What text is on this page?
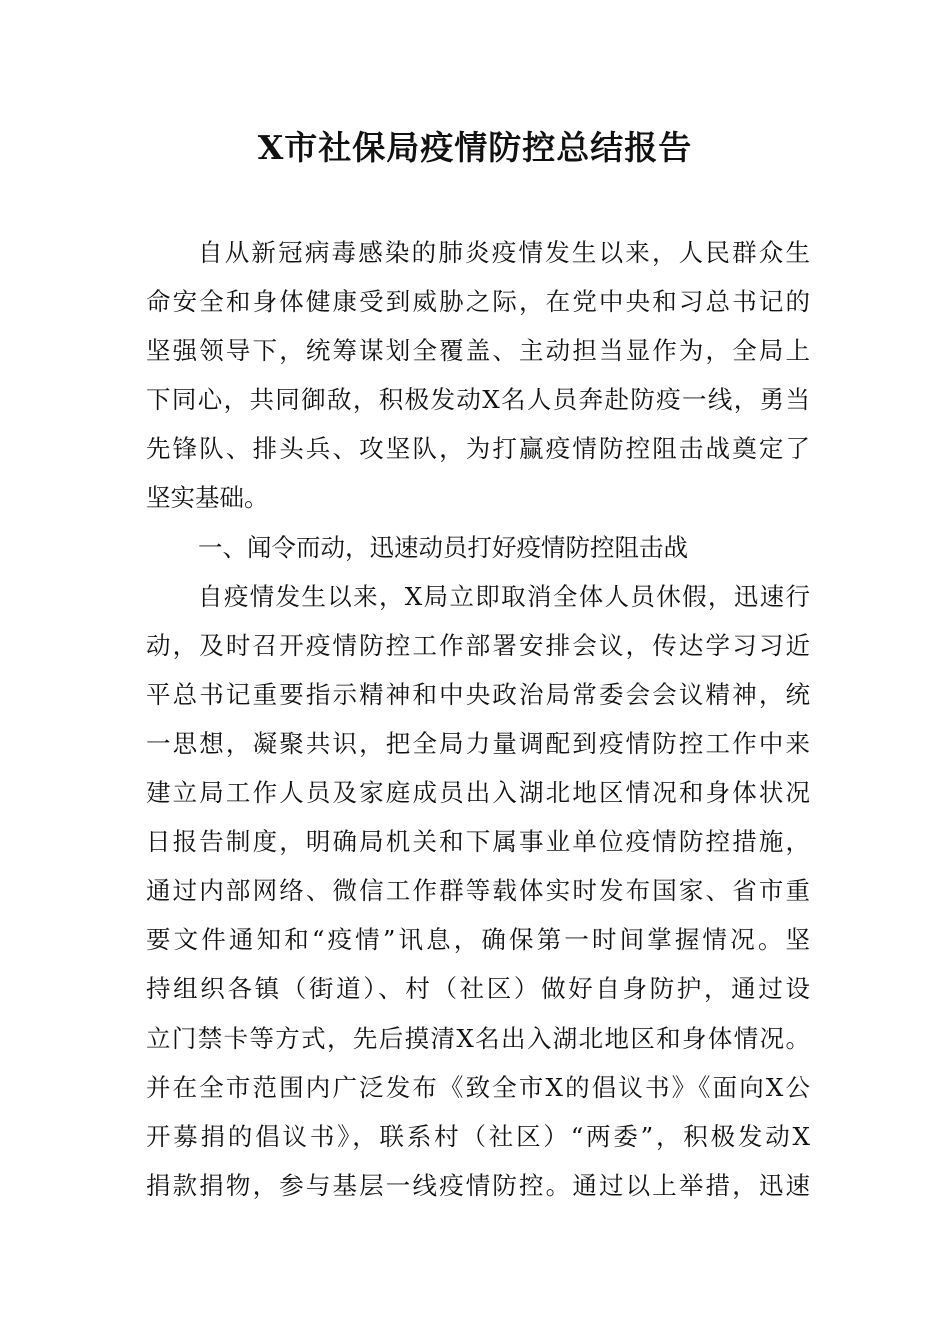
X市社保局疫情防控总结报告
自从新冠病毒感染的肺炎疫情发生以来，人民群众生
命安全和身体健康受到威胁之际，在党中央和习总书记的
坚强领导下，统筹谋划全覆盖、主动担当显作为，全局上
下同心，共同御敌，积极发动X名人员奔赴防疫一线，勇当
先锋队、排头兵、攻坚队，为打赢疫情防控阻击战奠定了
坚实基础。
一、闻令而动，迅速动员打好疫情防控阻击战
自疫情发生以来，X局立即取消全体人员休假，迅速行
动，及时召开疫情防控工作部署安排会议，传达学习习近
平总书记重要指示精神和中央政治局常委会会议精神，统
一思想，凝聚共识，把全局力量调配到疫情防控工作中来
建立局工作人员及家庭成员出入湖北地区情况和身体状况
日报告制度，明确局机关和下属事业单位疫情防控措施，
通过内部网络、微信工作群等载体实时发布国家、省市重
要文件通知和“疫情”讯息，确保第一时间掌握情况。坚
持组织各镇（街道）、村（社区）做好自身防护，通过设
立门禁卡等方式，先后摸清X名出入湖北地区和身体情况。
并在全市范围内广泛发布《致全市X的倡议书》《面向X公
开募捐的倡议书》，联系村（社区）“两委”，积极发动X
捐款捐物，参与基层一线疫情防控。通过以上举措，迅速
